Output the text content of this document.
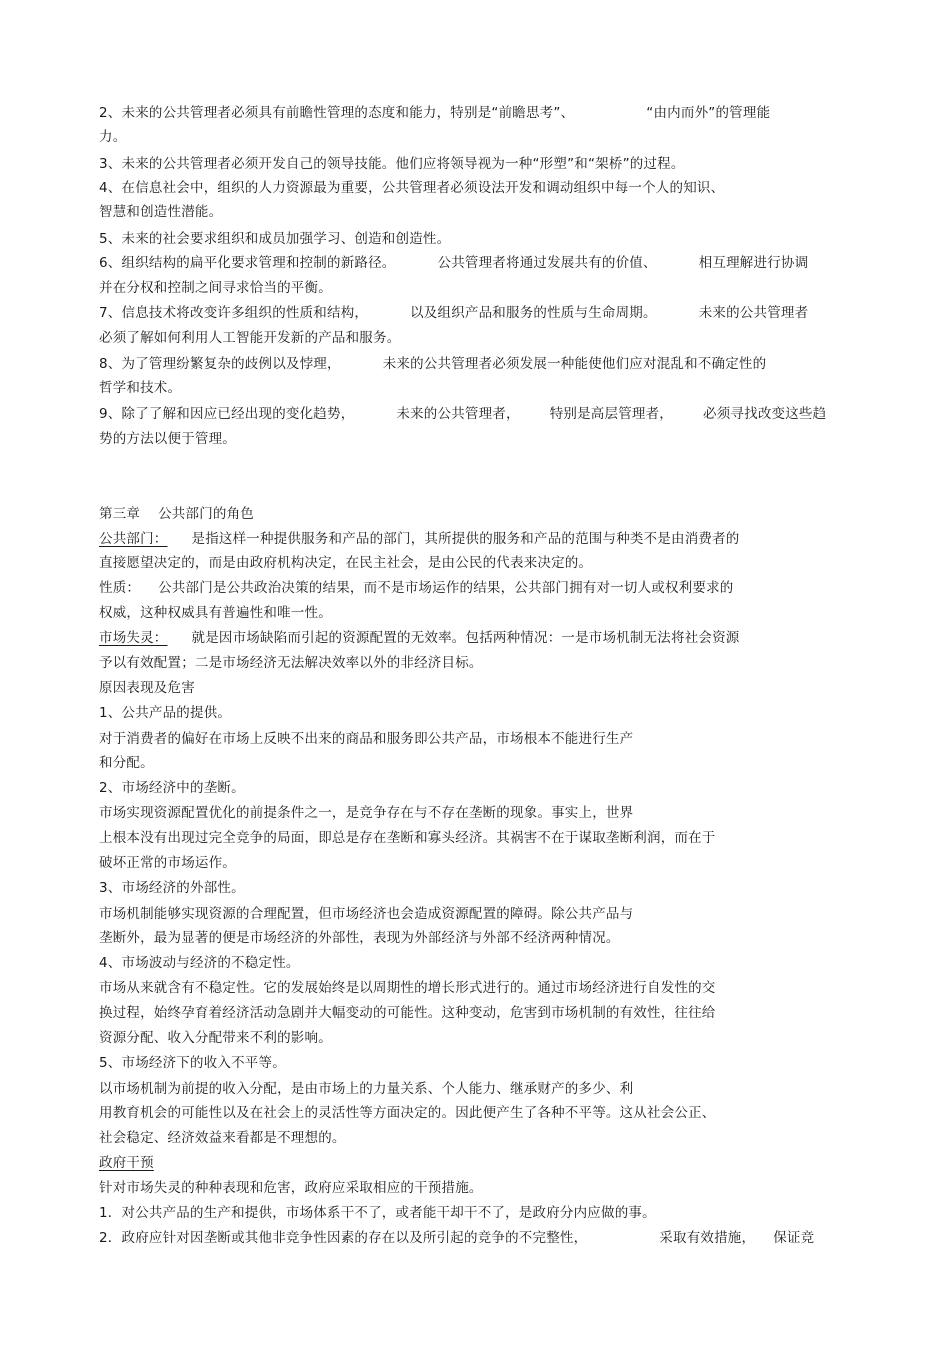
2、未来的公共管理者必须具有前瞻性管理的态度和能力，特别是“前瞻思考”、	“由内而外”的管理能
力。
3、未来的公共管理者必须开发自己的领导技能。他们应将领导视为一种“形塑”和“架桥”的过程。
4、在信息社会中，组织的人力资源最为重要，公共管理者必须设法开发和调动组织中每一个人的知识、
智慧和创造性潜能。
5、未来的社会要求组织和成员加强学习、创造和创造性。
6、组织结构的扁平化要求管理和控制的新路径。	公共管理者将通过发展共有的价值、	相互理解进行协调
并在分权和控制之间寻求恰当的平衡。
7、信息技术将改变许多组织的性质和结构，	以及组织产品和服务的性质与生命周期。	未来的公共管理者
必须了解如何利用人工智能开发新的产品和服务。
8、为了管理纷繁复杂的歧例以及悖理，	未来的公共管理者必须发展一种能使他们应对混乱和不确定性的
哲学和技术。
9、除了了解和因应已经出现的变化趋势，	未来的公共管理者， 特别是高层管理者， 必须寻找改变这些趋
势的方法以便于管理。
第三章 公共部门的角色
公共部门： 是指这样一种提供服务和产品的部门，其所提供的服务和产品的范围与种类不是由消费者的
直接愿望决定的，而是由政府机构决定，在民主社会，是由公民的代表来决定的。
性质： 公共部门是公共政治决策的结果，而不是市场运作的结果，公共部门拥有对一切人或权利要求的
权威，这种权威具有普遍性和唯一性。
市场失灵： 就是因市场缺陷而引起的资源配置的无效率。包括两种情况：一是市场机制无法将社会资源
予以有效配置；二是市场经济无法解决效率以外的非经济目标。
原因表现及危害
1、公共产品的提供。
对于消费者的偏好在市场上反映不出来的商品和服务即公共产品，市场根本不能进行生产
和分配。
2、市场经济中的垄断。
市场实现资源配置优化的前提条件之一，是竞争存在与不存在垄断的现象。事实上，世界
上根本没有出现过完全竞争的局面，即总是存在垄断和寡头经济。其祸害不在于谋取垄断利润，而在于
破坏正常的市场运作。
3、市场经济的外部性。
市场机制能够实现资源的合理配置，但市场经济也会造成资源配置的障碍。除公共产品与
垄断外，最为显著的便是市场经济的外部性，表现为外部经济与外部不经济两种情况。
4、市场波动与经济的不稳定性。
市场从来就含有不稳定性。它的发展始终是以周期性的增长形式进行的。通过市场经济进行自发性的交
换过程，始终孕育着经济活动急剧并大幅变动的可能性。这种变动，危害到市场机制的有效性，往往给
资源分配、收入分配带来不利的影响。
5、市场经济下的收入不平等。
以市场机制为前提的收入分配，是由市场上的力量关系、个人能力、继承财产的多少、利
用教育机会的可能性以及在社会上的灵活性等方面决定的。因此便产生了各种不平等。这从社会公正、
社会稳定、经济效益来看都是不理想的。
政府干预
针对市场失灵的种种表现和危害，政府应采取相应的干预措施。
1．对公共产品的生产和提供，市场体系干不了，或者能干却干不了，是政府分内应做的事。
2．政府应针对因垄断或其他非竞争性因素的存在以及所引起的竞争的不完整性，	采取有效措施， 保证竞
